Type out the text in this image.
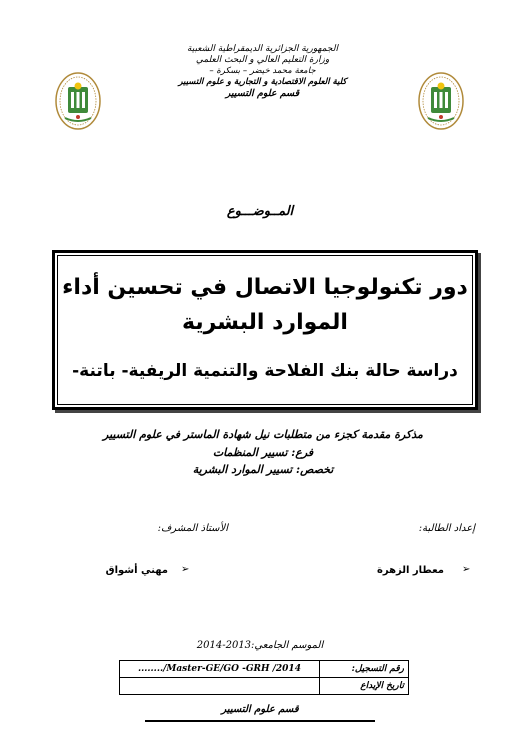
الجمهورية الجزائرية الديمقراطية الشعبية
وزارة التعليم العالي و البحث العلمي
جامعة محمد خيضر – بسكرة –
كلية العلوم الاقتصادية و التجارية و علوم التسيير
قسم علوم التسيير
المــوضـــوع
دور تكنولوجيا الاتصال في تحسين أداء
الموارد البشرية
دراسة حالة بنك الفلاحة والتنمية الريفية- باتنة-
مذكرة مقدمة كجزء من متطلبات نيل شهادة الماستر في علوم التسيير
فرع: تسيير المنظمات
تخصص: تسيير الموارد البشرية
إعداد الطالبة:
الأستاذ المشرف:
➢
معطار الزهرة
➢
مهني أشواق
الموسم الجامعي:2013-2014
......../Master-GE/GO -GRH /2014	رقم التسجيل:
	تاريخ الإيداع
قسم علوم التسيير
